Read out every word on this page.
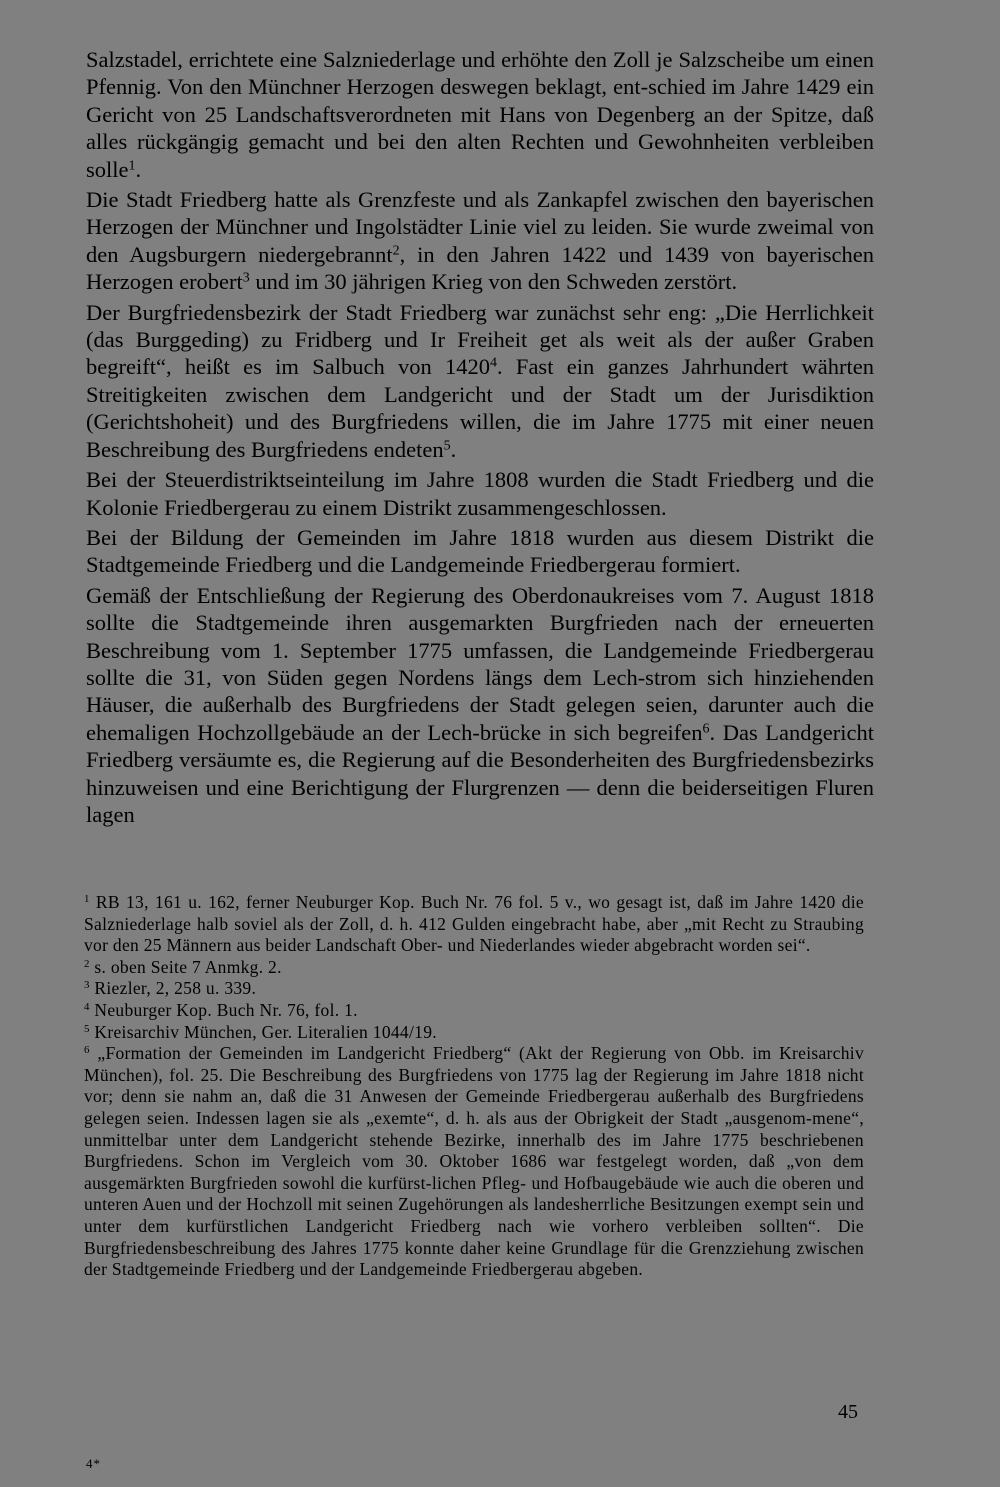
Salzstadel, errichtete eine Salzniederlage und erhöhte den Zoll je Salzscheibe um einen Pfennig. Von den Münchner Herzogen deswegen beklagt, ent-schied im Jahre 1429 ein Gericht von 25 Landschaftsverordneten mit Hans von Degenberg an der Spitze, daß alles rückgängig gemacht und bei den alten Rechten und Gewohnheiten verbleiben solle$^1$.

Die Stadt Friedberg hatte als Grenzfeste und als Zankapfel zwischen den bayerischen Herzogen der Münchner und Ingolstädter Linie viel zu leiden. Sie wurde zweimal von den Augsburgern niedergebrannt$^2$, in den Jahren 1422 und 1439 von bayerischen Herzogen erobert$^3$ und im 30 jährigen Krieg von den Schweden zerstört.

Der Burgfriedensbezirk der Stadt Friedberg war zunächst sehr eng: „Die Herrlichkeit (das Burggeding) zu Fridberg und Ir Freiheit get als weit als der außer Graben begreift“, heißt es im Salbuch von 1420$^4$. Fast ein ganzes Jahrhundert währten Streitigkeiten zwischen dem Landgericht und der Stadt um der Jurisdiktion (Gerichtshoheit) und des Burgfriedens willen, die im Jahre 1775 mit einer neuen Beschreibung des Burgfriedens endeten$^5$.

Bei der Steuerdistriktseinteilung im Jahre 1808 wurden die Stadt Friedberg und die Kolonie Friedbergerau zu einem Distrikt zusammengeschlossen.

Bei der Bildung der Gemeinden im Jahre 1818 wurden aus diesem Distrikt die Stadtgemeinde Friedberg und die Landgemeinde Friedbergerau formiert.

Gemäß der Entschließung der Regierung des Oberdonaukreises vom 7. August 1818 sollte die Stadtgemeinde ihren ausgemarkten Burgfrieden nach der erneuerten Beschreibung vom 1. September 1775 umfassen, die Landgemeinde Friedbergerau sollte die 31, von Süden gegen Nordens längs dem Lech-strom sich hinziehenden Häuser, die außerhalb des Burgfriedens der Stadt gelegen seien, darunter auch die ehemaligen Hochzollgebäude an der Lech-brücke in sich begreifen$^6$. Das Landgericht Friedberg versäumte es, die Regierung auf die Besonderheiten des Burgfriedensbezirks hinzuweisen und eine Berichtigung der Flurgrenzen — denn die beiderseitigen Fluren lagen

$^1$ RB 13, 161 u. 162, ferner Neuburger Kop. Buch Nr. 76 fol. 5 v., wo gesagt ist, daß im Jahre 1420 die Salzniederlage halb soviel als der Zoll, d. h. 412 Gulden eingebracht habe, aber „mit Recht zu Straubing vor den 25 Männern aus beider Landschaft Ober- und Niederlandes wieder abgebracht worden sei“.

$^2$ s. oben Seite 7 Anmkg. 2.

$^3$ Riezler, 2, 258 u. 339.

$^4$ Neuburger Kop. Buch Nr. 76, fol. 1.

$^5$ Kreisarchiv München, Ger. Literalien 1044/19.

$^6$ „Formation der Gemeinden im Landgericht Friedberg“ (Akt der Regierung von Obb. im Kreisarchiv München), fol. 25. Die Beschreibung des Burgfriedens von 1775 lag der Regierung im Jahre 1818 nicht vor; denn sie nahm an, daß die 31 Anwesen der Gemeinde Friedbergerau außerhalb des Burgfriedens gelegen seien. Indessen lagen sie als „exemte“, d. h. als aus der Obrigkeit der Stadt „ausgenom-mene“, unmittelbar unter dem Landgericht stehende Bezirke, innerhalb des im Jahre 1775 beschriebenen Burgfriedens. Schon im Vergleich vom 30. Oktober 1686 war festgelegt worden, daß „von dem ausgemärkten Burgfrieden sowohl die kurfürst-lichen Pfleg- und Hofbaugebäude wie auch die oberen und unteren Auen und der Hochzoll mit seinen Zugehörungen als landesherrliche Besitzungen exempt sein und unter dem kurfürstlichen Landgericht Friedberg nach wie vorhero verbleiben sollten“. Die Burgfriedensbeschreibung des Jahres 1775 konnte daher keine Grundlage für die Grenzziehung zwischen der Stadtgemeinde Friedberg und der Landgemeinde Friedbergerau abgeben.

45
4*
